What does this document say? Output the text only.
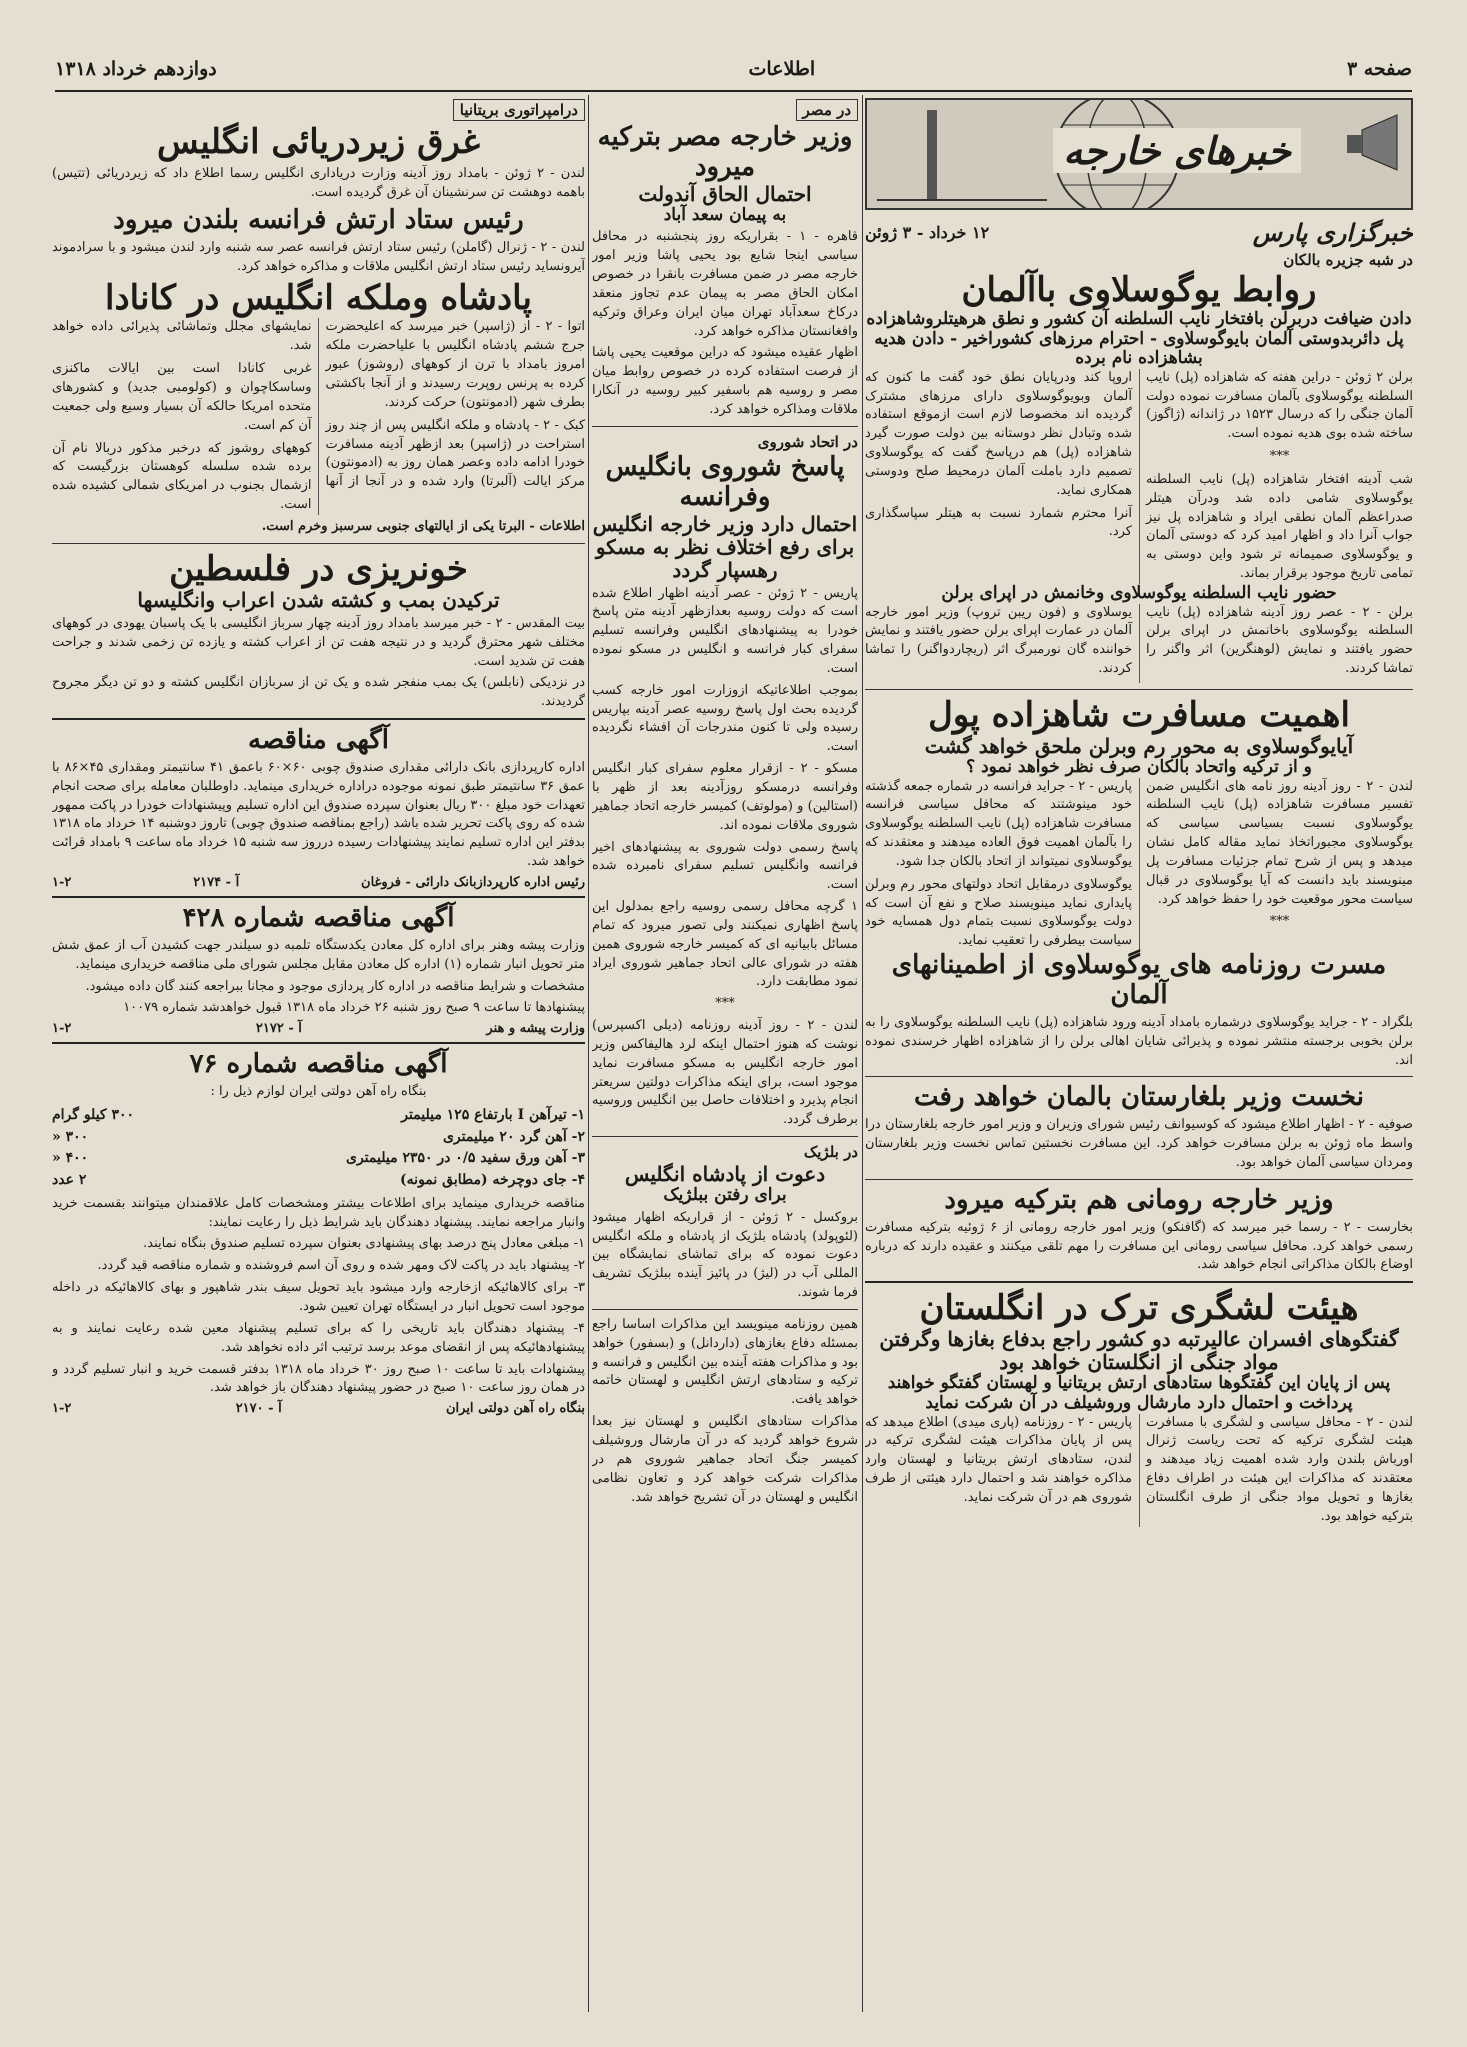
صفحه ۳
اطلاعات
دوازدهم خرداد ۱۳۱۸
خبرهای خارجه
خبرگزاری پارس
۱۲ خرداد - ۳ ژوئن
در شبه جزیره بالکان
روابط یوگوسلاوی باآلمان
دادن ضیافت دربرلن بافتخار نایب السلطنه آن کشور و نطق هرهیتلروشاهزاده پل دائربدوستی آلمان بایوگوسلاوی - احترام مرزهای کشوراخیر - دادن هدیه بشاهزاده نام برده

برلن ۲ ژوئن - دراین هفته که شاهزاده (پل) نایب السلطنه یوگوسلاوی بآلمان مسافرت نموده دولت آلمان جنگی را که درسال ۱۵۲۳ در ژاندانه (ژاگوز) ساخته شده بوی هدیه نموده است.

***

شب آدینه افتخار شاهزاده (پل) نایب السلطنه یوگوسلاوی شامی داده شد ودرآن هیتلر صدراعظم آلمان نطقی ایراد و شاهزاده پل نیز جواب آنرا داد و اظهار امید کرد که دوستی آلمان و یوگوسلاوی صمیمانه تر شود واین دوستی به تمامی تاریخ موجود برقرار بماند.

اروپا کند ودرپایان نطق خود گفت ما کنون که آلمان وبویوگوسلاوی دارای مرزهای مشترک گردیده اند مخصوصا لازم است ازموقع استفاده شده وتبادل نظر دوستانه بین دولت صورت گیرد شاهزاده (پل) هم درپاسخ گفت که یوگوسلاوی تصمیم دارد باملت آلمان درمحیط صلح ودوستی همکاری نماید.

آنرا محترم شمارد نسبت به هیتلر سپاسگذاری کرد.

حضور نایب السلطنه یوگوسلاوی وخانمش در اپرای برلن

برلن - ۲ - عصر روز آدینه شاهزاده (پل) نایب السلطنه یوگوسلاوی باخانمش در اپرای برلن حضور یافتند و نمایش (لوهنگرین) اثر واگنر را تماشا کردند.

یوسلاوی و (فون ریبن تروپ) وزیر امور خارجه آلمان در عمارت اپرای برلن حضور یافتند و نمایش خواننده گان نورمبرگ اثر (ریچاردواگنر) را تماشا کردند.

اهمیت مسافرت شاهزاده پول
آیایوگوسلاوی به محور رم وبرلن ملحق خواهد گشت
و از ترکیه واتحاد بالکان صرف نظر خواهد نمود ؟

لندن - ۲ - روز آدینه روز نامه های انگلیس ضمن تفسیر مسافرت شاهزاده (پل) نایب السلطنه یوگوسلاوی نسبت بسیاسی سیاسی که یوگوسلاوی مجبوراتخاذ نماید مقاله کامل نشان میدهد و پس از شرح تمام جزئیات مسافرت پل مینویسند باید دانست که آیا یوگوسلاوی در قبال سیاست محور موقعیت خود را حفظ خواهد کرد.

***

پاریس - ۲ - جراید فرانسه در شماره جمعه گذشته خود مینوشتند که محافل سیاسی فرانسه مسافرت شاهزاده (پل) نایب السلطنه یوگوسلاوی را بآلمان اهمیت فوق العاده میدهند و معتقدند که یوگوسلاوی نمیتواند از اتحاد بالکان جدا شود.

یوگوسلاوی درمقابل اتحاد دولتهای محور رم وبرلن پایداری نماید مینویسند صلاح و نفع آن است که دولت یوگوسلاوی نسبت بتمام دول همسایه خود سیاست بیطرفی را تعقیب نماید.

مسرت روزنامه های یوگوسلاوی از اطمینانهای آلمان

بلگراد - ۲ - جراید یوگوسلاوی درشماره بامداد آدینه ورود شاهزاده (پل) نایب السلطنه یوگوسلاوی را به برلن بخوبی برجسته منتشر نموده و پذیرائی شایان اهالی برلن را از شاهزاده اظهار خرسندی نموده اند.

نخست وزیر بلغارستان بالمان خواهد رفت

صوفیه - ۲ - اظهار اطلاع میشود که کوسیوانف رئیس شورای وزیران و وزیر امور خارجه بلغارستان درا واسط ماه ژوئن به برلن مسافرت خواهد کرد. این مسافرت نخستین تماس نخست وزیر بلغارستان ومردان سیاسی آلمان خواهد بود.

وزیر خارجه رومانی هم بترکیه میرود

بخارست - ۲ - رسما خبر میرسد که (گافنکو) وزیر امور خارجه رومانی از ۶ ژوئیه بترکیه مسافرت رسمی خواهد کرد. محافل سیاسی رومانی این مسافرت را مهم تلقی میکنند و عقیده دارند که درباره اوضاع بالکان مذاکراتی انجام خواهد شد.

هیئت لشگری ترک در انگلستان
گفتگوهای افسران عالیرتبه دو کشور راجع بدفاع بغازها وگرفتن مواد جنگی از انگلستان خواهد بود
پس از پایان این گفتگوها ستادهای ارتش بریتانیا و لهستان گفتگو خواهند پرداخت و احتمال دارد مارشال وروشیلف در آن شرکت نماید

لندن - ۲ - محافل سیاسی و لشگری با مسافرت هیئت لشگری ترکیه که تحت ریاست ژنرال اورباش بلندن وارد شده اهمیت زیاد میدهند و معتقدند که مذاکرات این هیئت در اطراف دفاع بغازها و تحویل مواد جنگی از طرف انگلستان بترکیه خواهد بود.

پاریس - ۲ - روزنامه (پاری میدی) اطلاع میدهد که پس از پایان مذاکرات هیئت لشگری ترکیه در لندن، ستادهای ارتش بریتانیا و لهستان وارد مذاکره خواهند شد و احتمال دارد هیئتی از طرف شوروی هم در آن شرکت نماید.

در مصر
وزیر خارجه مصر بترکیه میرود
احتمال الحاق آندولت
به پیمان سعد آباد

قاهره - ۱ - بقراریکه روز پنجشنبه در محافل سیاسی اینجا شایع بود یحیی پاشا وزیر امور خارجه مصر در ضمن مسافرت بانقرا در خصوص امکان الحاق مصر به پیمان عدم تجاوز منعقد درکاخ سعدآباد تهران میان ایران وعراق وترکیه وافغانستان مذاکره خواهد کرد.

اظهار عقیده میشود که دراین موقعیت یحیی پاشا از فرصت استفاده کرده در خصوص روابط میان مصر و روسیه هم باسفیر کبیر روسیه در آنکارا ملاقات ومذاکره خواهد کرد.

در اتحاد شوروی
پاسخ شوروی بانگلیس وفرانسه
احتمال دارد وزیر خارجه انگلیس برای رفع اختلاف نظر به مسکو رهسپار گردد

پاریس - ۲ ژوئن - عصر آدینه اظهار اطلاع شده است که دولت روسیه بعدازظهر آدینه متن پاسخ خودرا به پیشنهادهای انگلیس وفرانسه تسلیم سفرای کبار فرانسه و انگلیس در مسکو نموده است.

بموجب اطلاعاتیکه ازوزارت امور خارجه کسب گردیده بحث اول پاسخ روسیه عصر آدینه بپاریس رسیده ولی تا کنون مندرجات آن افشاء نگردیده است.

مسکو - ۲ - ازقرار معلوم سفرای کبار انگلیس وفرانسه درمسکو روزآدینه بعد از ظهر با (استالین) و (مولوتف) کمیسر خارجه اتحاد جماهیر شوروی ملاقات نموده اند.

پاسخ رسمی دولت شوروی به پیشنهادهای اخیر فرانسه وانگلیس تسلیم سفرای نامبرده شده است.

۱ گرچه محافل رسمی روسیه راجع بمدلول این پاسخ اظهاری نمیکنند ولی تصور میرود که تمام مسائل بابیانیه ای که کمیسر خارجه شوروی همین هفته در شورای عالی اتحاد جماهیر شوروی ایراد نمود مطابقت دارد.

***

لندن - ۲ - روز آدینه روزنامه (دیلی اکسپرس) نوشت که هنوز احتمال اینکه لرد هالیفاکس وزیر امور خارجه انگلیس به مسکو مسافرت نماید موجود است، برای اینکه مذاکرات دولتین سریعتر انجام پذیرد و اختلافات حاصل بین انگلیس وروسیه برطرف گردد.

در بلژیک
دعوت از پادشاه انگلیس
برای رفتن ببلژیک

بروکسل - ۲ ژوئن - از قراریکه اظهار میشود (لئوپولد) پادشاه بلژیک از پادشاه و ملکه انگلیس دعوت نموده که برای تماشای نمایشگاه بین المللی آب در (لیژ) در پائیز آینده ببلژیک تشریف فرما شوند.

همین روزنامه مینویسد این مذاکرات اساسا راجع بمسئله دفاع بغازهای (داردانل) و (بسفور) خواهد بود و مذاکرات هفته آینده بین انگلیس و فرانسه و ترکیه و ستادهای ارتش انگلیس و لهستان خاتمه خواهد یافت.

مذاکرات ستادهای انگلیس و لهستان نیز بعدا شروع خواهد گردید که در آن مارشال وروشیلف کمیسر جنگ اتحاد جماهیر شوروی هم در مذاکرات شرکت خواهد کرد و تعاون نظامی انگلیس و لهستان در آن تشریح خواهد شد.

درامپراتوری بریتانیا
غرق زیردریائی انگلیس

لندن - ۲ ژوئن - بامداد روز آدینه وزارت دریاداری انگلیس رسما اطلاع داد که زیردریائی (تتیس) باهمه دوهشت تن سرنشینان آن غرق گردیده است.

رئیس ستاد ارتش فرانسه بلندن میرود

لندن - ۲ - ژنرال (گاملن) رئیس ستاد ارتش فرانسه عصر سه شنبه وارد لندن میشود و با سرادموند آیرونساید رئیس ستاد ارتش انگلیس ملاقات و مذاکره خواهد کرد.

پادشاه وملکه انگلیس در کانادا

اتوا - ۲ - از (ژاسپر) خبر میرسد که اعلیحضرت جرج ششم پادشاه انگلیس با علیاحضرت ملکه امروز بامداد با ترن از کوههای (روشوز) عبور کرده به پرنس روپرت رسیدند و از آنجا باکشتی بطرف شهر (ادمونتون) حرکت کردند.

کبک - ۲ - پادشاه و ملکه انگلیس پس از چند روز استراحت در (ژاسپر) بعد ازظهر آدینه مسافرت خودرا ادامه داده وعصر همان روز به (ادمونتون) مرکز ایالت (آلبرتا) وارد شده و در آنجا از آنها نمایشهای مجلل وتماشائی پذیرائی داده خواهد شد.

غربی کانادا است بین ایالات ماکنزی وساسکاچوان و (کولومبی جدید) و کشورهای متحده امریکا حالکه آن بسیار وسیع ولی جمعیت آن کم است.

کوههای روشوز که درخبر مذکور دربالا نام آن برده شده سلسله کوهستان بزرگیست که ازشمال بجنوب در امریکای شمالی کشیده شده است.

اطلاعات - البرتا یکی از ایالتهای جنوبی سرسبز وخرم است.

خونریزی در فلسطین
ترکیدن بمب و کشته شدن اعراب وانگلیسها

بیت المقدس - ۲ - خبر میرسد بامداد روز آدینه چهار سرباز انگلیسی با یک پاسبان یهودی در کوههای مختلف شهر محترق گردید و در نتیجه هفت تن از اعراب کشته و یازده تن زخمی شدند و جراحت هفت تن شدید است.

در نزدیکی (نابلس) یک بمب منفجر شده و یک تن از سربازان انگلیس کشته و دو تن دیگر مجروح گردیدند.

آگهی مناقصه

اداره کارپردازی بانک دارائی مقداری صندوق چوبی ۶۰×۶۰ باعمق ۴۱ سانتیمتر ومقداری ۴۵×۸۶ با عمق ۳۶ سانتیمتر طبق نمونه موجوده دراداره خریداری مینماید. داوطلبان معامله برای صحت انجام تعهدات خود مبلغ ۳۰۰ ریال بعنوان سپرده صندوق این اداره تسلیم وپیشنهادات خودرا در پاکت ممهور شده که روی پاکت تحریر شده باشد (راجع بمناقصه صندوق چوبی) تاروز دوشنبه ۱۴ خرداد ماه ۱۳۱۸ بدفتر این اداره تسلیم نمایند پیشنهادات رسیده درروز سه شنبه ۱۵ خرداد ماه ساعت ۹ بامداد قرائت خواهد شد.

رئیس اداره کارپردازبانک دارائی - فروغان
آ - ۲۱۷۴
۱-۲
آگهی مناقصه شماره ۴۲۸

وزارت پیشه وهنر برای اداره کل معادن یکدستگاه تلمبه دو سیلندر جهت کشیدن آب از عمق شش متر تحویل انبار شماره (۱) اداره کل معادن مقابل مجلس شورای ملی مناقصه خریداری مینماید.

مشخصات و شرایط مناقصه در اداره کار پردازی موجود و مجانا ببراجعه کنند گان داده میشود.

پیشنهادها تا ساعت ۹ صبح روز شنبه ۲۶ خرداد ماه ۱۳۱۸ قبول خواهدشد شماره ۱۰۰۷۹

وزارت پیشه و هنر
آ - ۲۱۷۲
۱-۲
آگهی مناقصه شماره ۷۶

بنگاه راه آهن دولتی ایران لوازم ذیل را :

۱- تیرآهن I بارتفاع ۱۲۵ میلیمتر
۳۰۰ کیلو گرام
۲- آهن گرد ۲۰ میلیمتری
۳۰۰ «
۳- آهن ورق سفید ۰/۵ در ۲۳۵۰ میلیمتری
۴۰۰ «
۴- جای دوچرخه (مطابق نمونه)
۲ عدد

مناقصه خریداری مینماید برای اطلاعات بیشتر ومشخصات کامل علاقمندان میتوانند بقسمت خرید وانبار مراجعه نمایند. پیشنهاد دهندگان باید شرایط ذیل را رعایت نمایند:

۱- مبلغی معادل پنج درصد بهای پیشنهادی بعنوان سپرده تسلیم صندوق بنگاه نمایند.

۲- پیشنهاد باید در پاکت لاک ومهر شده و روی آن اسم فروشنده و شماره مناقصه قید گردد.

۳- برای کالاهائیکه ازخارجه وارد میشود باید تحویل سیف بندر شاهپور و بهای کالاهائیکه در داخله موجود است تحویل انبار در ایستگاه تهران تعیین شود.

۴- پیشنهاد دهندگان باید تاریخی را که برای تسلیم پیشنهاد معین شده رعایت نمایند و به پیشنهادهائیکه پس از انقضای موعد برسد ترتیب اثر داده نخواهد شد.

پیشنهادات باید تا ساعت ۱۰ صبح روز ۳۰ خرداد ماه ۱۳۱۸ بدفتر قسمت خرید و انبار تسلیم گردد و در همان روز ساعت ۱۰ صبح در حضور پیشنهاد دهندگان باز خواهد شد.

بنگاه راه آهن دولتی ایران
آ - ۲۱۷۰
۱-۲
